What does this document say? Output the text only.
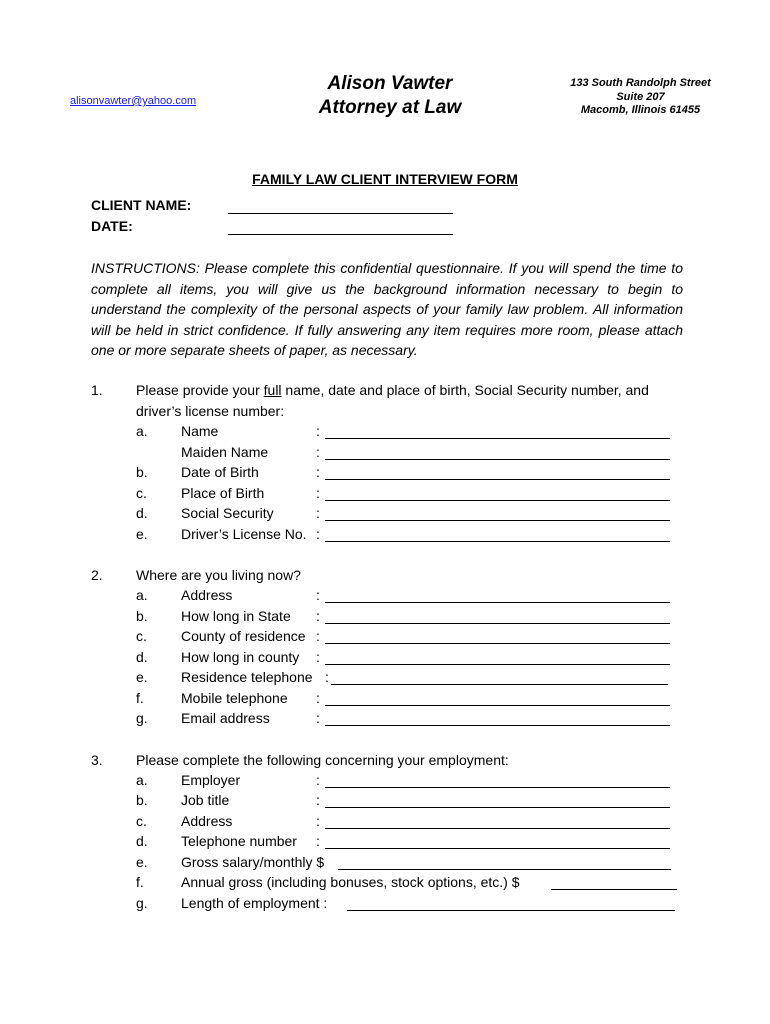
alisonvawter@yahoo.com
Alison Vawter
Attorney at Law
133 South Randolph Street
Suite 207
Macomb, Illinois 61455
FAMILY LAW CLIENT INTERVIEW FORM
CLIENT NAME:
DATE:
INSTRUCTIONS: Please complete this confidential questionnaire. If you will spend the time to complete all items, you will give us the background information necessary to begin to understand the complexity of the personal aspects of your family law problem. All information will be held in strict confidence. If fully answering any item requires more room, please attach one or more separate sheets of paper, as necessary.
1. Please provide your full name, date and place of birth, Social Security number, and driver’s license number:
a. Name	:
Maiden Name	:
b. Date of Birth	:
c. Place of Birth	:
d. Social Security	:
e. Driver’s License No. :
2. Where are you living now?
a. Address	:
b. How long in State :
c. County of residence :
d. How long in county :
e. Residence telephone :
f.	Mobile telephone :
g. Email address	:
3. Please complete the following concerning your employment:
a. Employer	:
b. Job title	:
c. Address	:
d. Telephone number :
e. Gross salary/monthly $
f.	Annual gross (including bonuses, stock options, etc.) $
g. Length of employment :
